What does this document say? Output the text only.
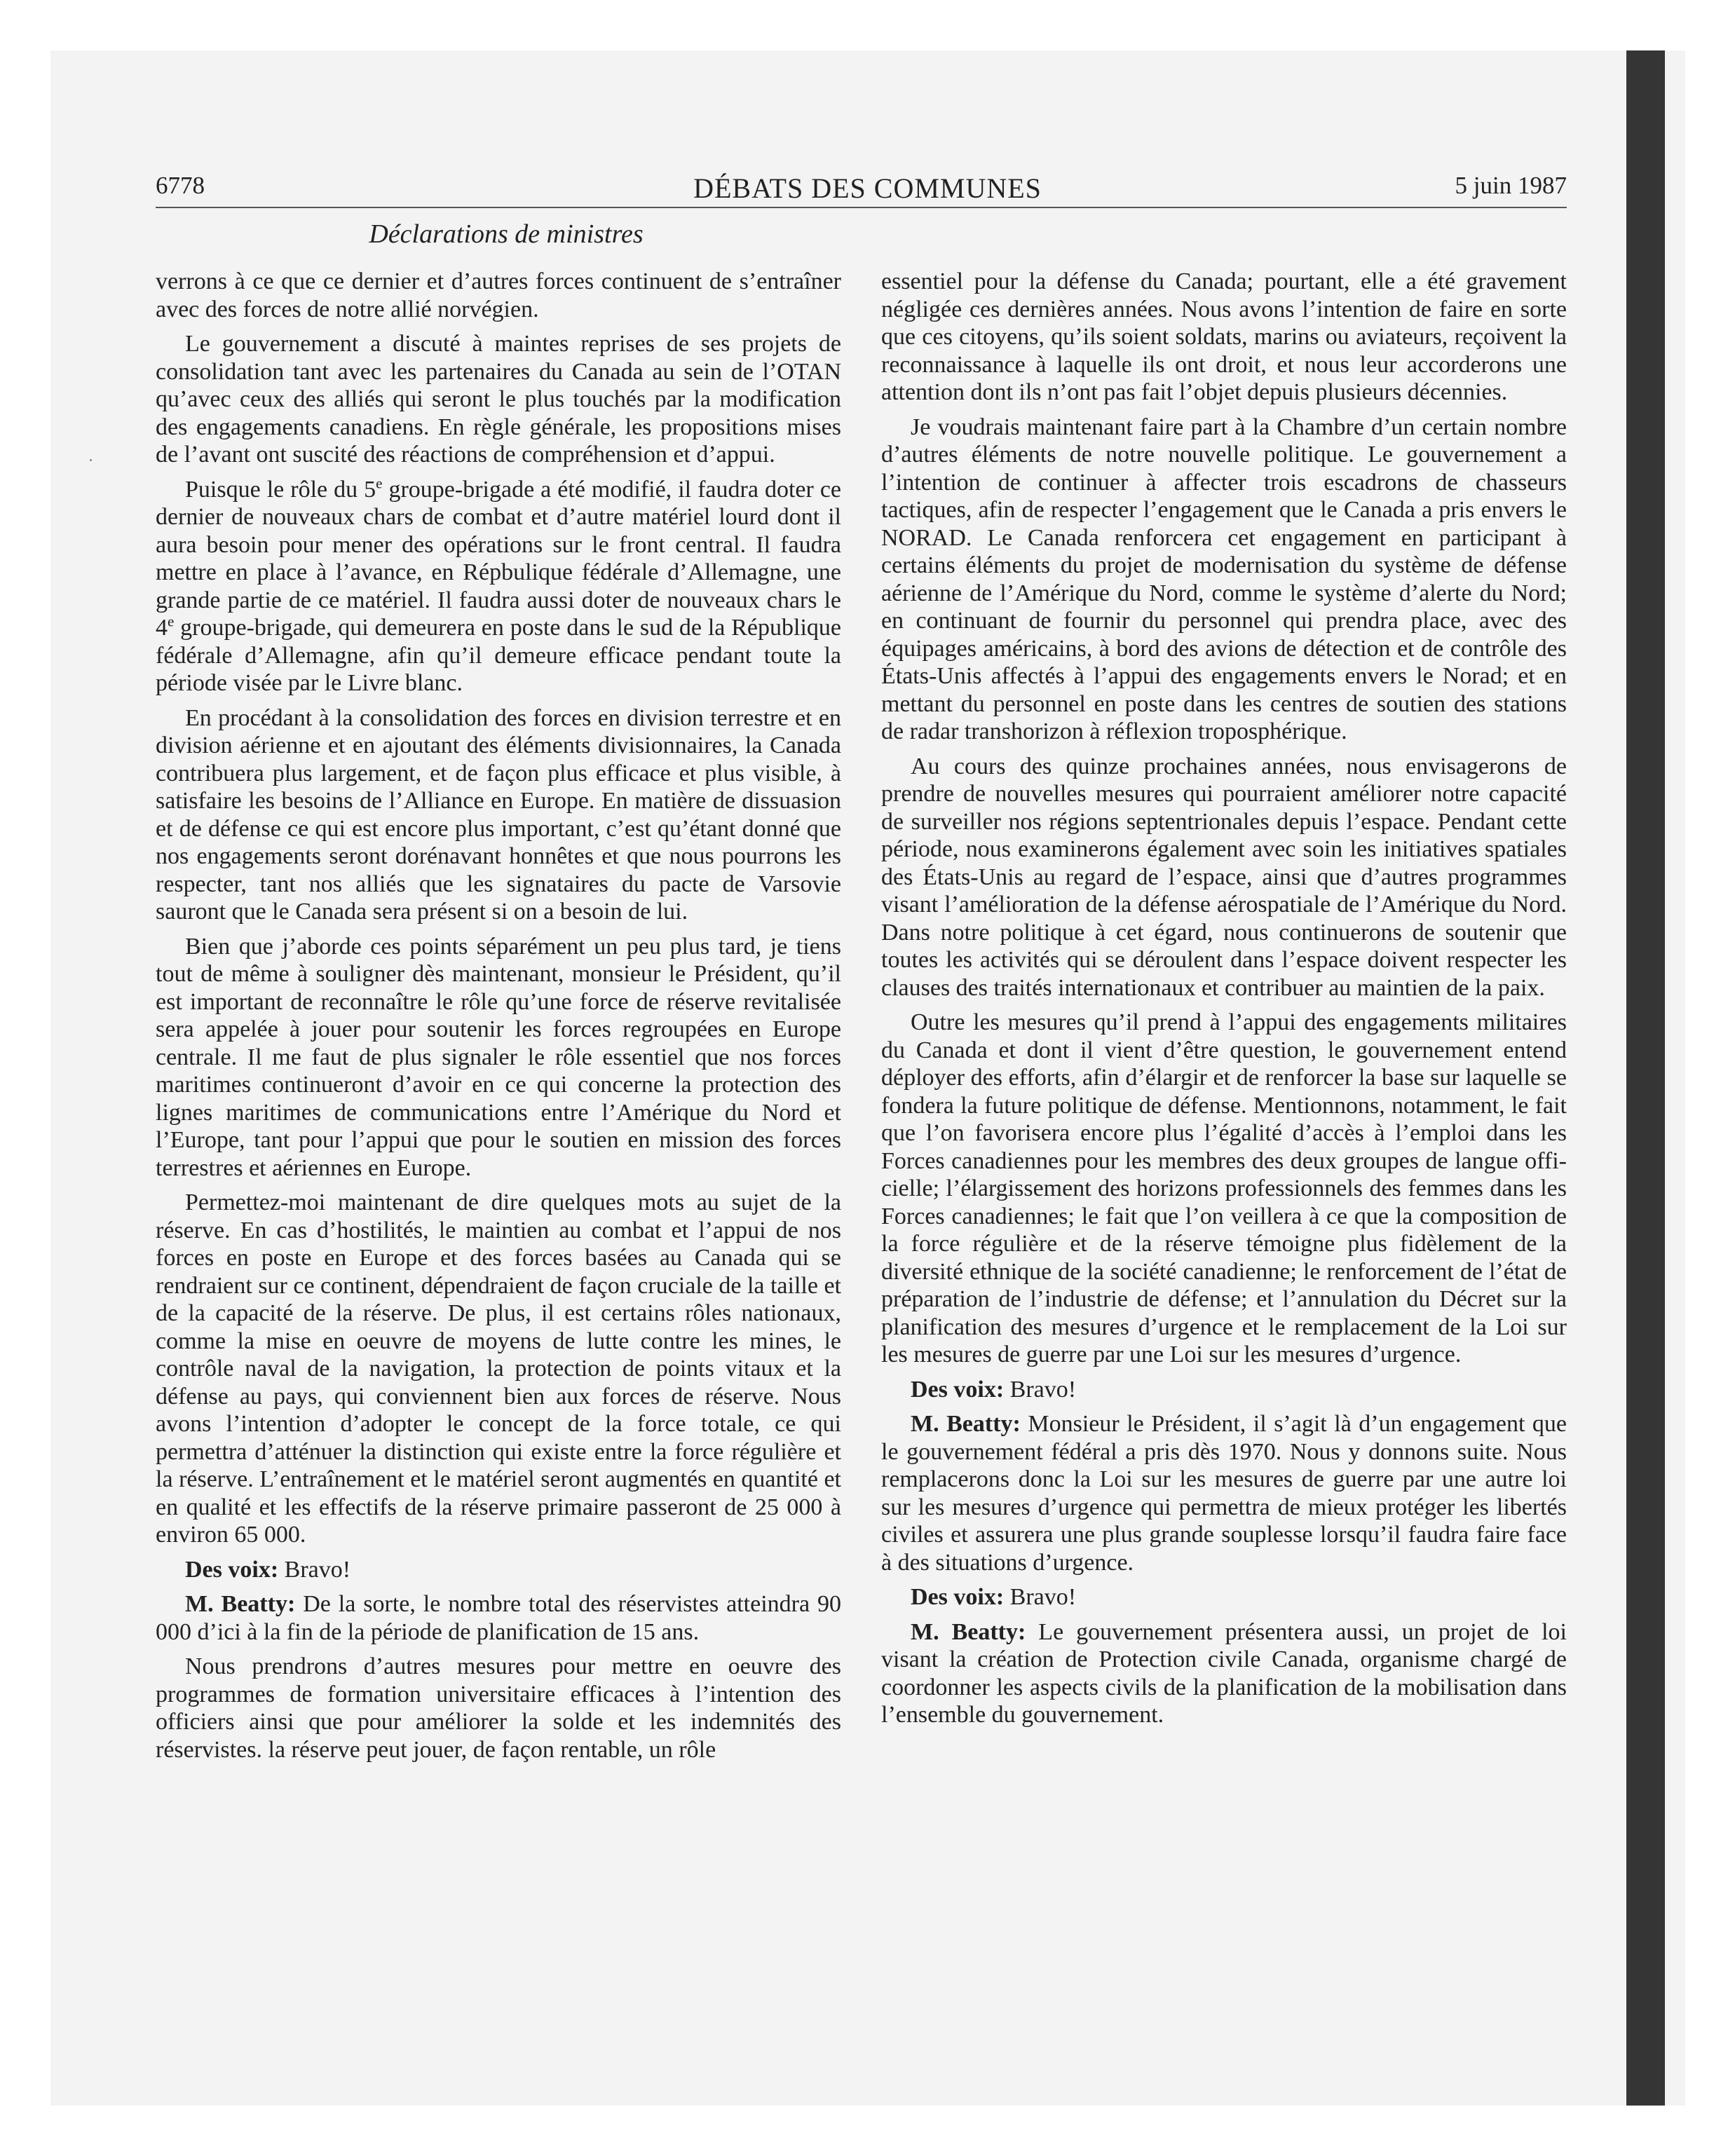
6778	DÉBATS DES COMMUNES	5 juin 1987
Déclarations de ministres

verrons à ce que ce dernier et d’autres forces continuent de s’entraîner avec des forces de notre allié norvégien.

Le gouvernement a discuté à maintes reprises de ses projets de consolidation tant avec les partenaires du Canada au sein de l’OTAN qu’avec ceux des alliés qui seront le plus touchés par la modification des engagements canadiens. En règle générale, les propositions mises de l’avant ont suscité des réactions de compréhension et d’appui.

Puisque le rôle du 5e groupe-brigade a été modifié, il faudra doter ce dernier de nouveaux chars de combat et d’autre matériel lourd dont il aura besoin pour mener des opérations sur le front central. Il faudra mettre en place à l’avance, en Répbulique fédérale d’Allemagne, une grande partie de ce matériel. Il faudra aussi doter de nouveaux chars le 4e groupe-brigade, qui demeurera en poste dans le sud de la République fédérale d’Allemagne, afin qu’il demeure efficace pendant toute la période visée par le Livre blanc.

En procédant à la consolidation des forces en division terrestre et en division aérienne et en ajoutant des éléments divisionnaires, la Canada contribuera plus largement, et de façon plus efficace et plus visible, à satisfaire les besoins de l’Alliance en Europe. En matière de dissuasion et de défense ce qui est encore plus important, c’est qu’étant donné que nos engagements seront dorénavant honnêtes et que nous pourrons les respecter, tant nos alliés que les signataires du pacte de Varsovie sauront que le Canada sera présent si on a besoin de lui.

Bien que j’aborde ces points séparément un peu plus tard, je tiens tout de même à souligner dès maintenant, monsieur le Président, qu’il est important de reconnaître le rôle qu’une force de réserve revitalisée sera appelée à jouer pour soutenir les forces regroupées en Europe centrale. Il me faut de plus signaler le rôle essentiel que nos forces maritimes continueront d’avoir en ce qui concerne la protection des lignes maritimes de communications entre l’Amérique du Nord et l’Europe, tant pour l’appui que pour le soutien en mission des forces terrestres et aériennes en Europe.

Permettez-moi maintenant de dire quelques mots au sujet de la réserve. En cas d’hostilités, le maintien au combat et l’appui de nos forces en poste en Europe et des forces basées au Canada qui se rendraient sur ce continent, dépendraient de façon cruciale de la taille et de la capacité de la réserve. De plus, il est certains rôles nationaux, comme la mise en oeuvre de moyens de lutte contre les mines, le contrôle naval de la navigation, la protection de points vitaux et la défense au pays, qui conviennent bien aux forces de réserve. Nous avons l’intention d’adopter le concept de la force totale, ce qui permettra d’atténuer la distinction qui existe entre la force régulière et la réserve. L’entraînement et le matériel seront augmentés en quantité et en qualité et les effectifs de la réserve primaire passeront de 25 000 à environ 65 000.

Des voix: Bravo!

M. Beatty: De la sorte, le nombre total des réservistes atteindra 90 000 d’ici à la fin de la période de planification de 15 ans.

Nous prendrons d’autres mesures pour mettre en oeuvre des programmes de formation universitaire efficaces à l’intention des officiers ainsi que pour améliorer la solde et les indemnités des réservistes. la réserve peut jouer, de façon rentable, un rôle

essentiel pour la défense du Canada; pourtant, elle a été gravement négligée ces dernières années. Nous avons l’intention de faire en sorte que ces citoyens, qu’ils soient soldats, marins ou aviateurs, reçoivent la reconnaissance à laquelle ils ont droit, et nous leur accorderons une attention dont ils n’ont pas fait l’objet depuis plusieurs décennies.

Je voudrais maintenant faire part à la Chambre d’un certain nombre d’autres éléments de notre nouvelle politique. Le gouvernement a l’intention de continuer à affecter trois escadrons de chasseurs tactiques, afin de respecter l’engagement que le Canada a pris envers le NORAD. Le Canada renforcera cet engagement en participant à certains éléments du projet de modernisation du système de défense aérienne de l’Amérique du Nord, comme le système d’alerte du Nord; en continuant de fournir du personnel qui prendra place, avec des équipages américains, à bord des avions de détection et de contrôle des États-Unis affectés à l’appui des engagements envers le Norad; et en mettant du personnel en poste dans les centres de soutien des stations de radar transhorizon à réflexion troposphérique.

Au cours des quinze prochaines années, nous envisagerons de prendre de nouvelles mesures qui pourraient améliorer notre capacité de surveiller nos régions septentrionales depuis l’espace. Pendant cette période, nous examinerons également avec soin les initiatives spatiales des États-Unis au regard de l’espace, ainsi que d’autres programmes visant l’amélioration de la défense aérospatiale de l’Amérique du Nord. Dans notre politique à cet égard, nous continuerons de soutenir que toutes les activités qui se déroulent dans l’espace doivent respecter les clauses des traités internationaux et contribuer au maintien de la paix.

Outre les mesures qu’il prend à l’appui des engagements militaires du Canada et dont il vient d’être question, le gouvernement entend déployer des efforts, afin d’élargir et de renforcer la base sur laquelle se fondera la future politique de défense. Mentionnons, notamment, le fait que l’on favorisera encore plus l’égalité d’accès à l’emploi dans les Forces canadiennes pour les membres des deux groupes de langue officielle; l’élargissement des horizons professionnels des femmes dans les Forces canadiennes; le fait que l’on veillera à ce que la composition de la force régulière et de la réserve témoigne plus fidèlement de la diversité ethnique de la société canadienne; le renforcement de l’état de préparation de l’industrie de défense; et l’annulation du Décret sur la planification des mesures d’urgence et le remplacement de la Loi sur les mesures de guerre par une Loi sur les mesures d’urgence.

Des voix: Bravo!

M. Beatty: Monsieur le Président, il s’agit là d’un engagement que le gouvernement fédéral a pris dès 1970. Nous y donnons suite. Nous remplacerons donc la Loi sur les mesures de guerre par une autre loi sur les mesures d’urgence qui permettra de mieux protéger les libertés civiles et assurera une plus grande souplesse lorsqu’il faudra faire face à des situations d’urgence.

Des voix: Bravo!

M. Beatty: Le gouvernement présentera aussi, un projet de loi visant la création de Protection civile Canada, organisme chargé de coordonner les aspects civils de la planification de la mobilisation dans l’ensemble du gouvernement.
